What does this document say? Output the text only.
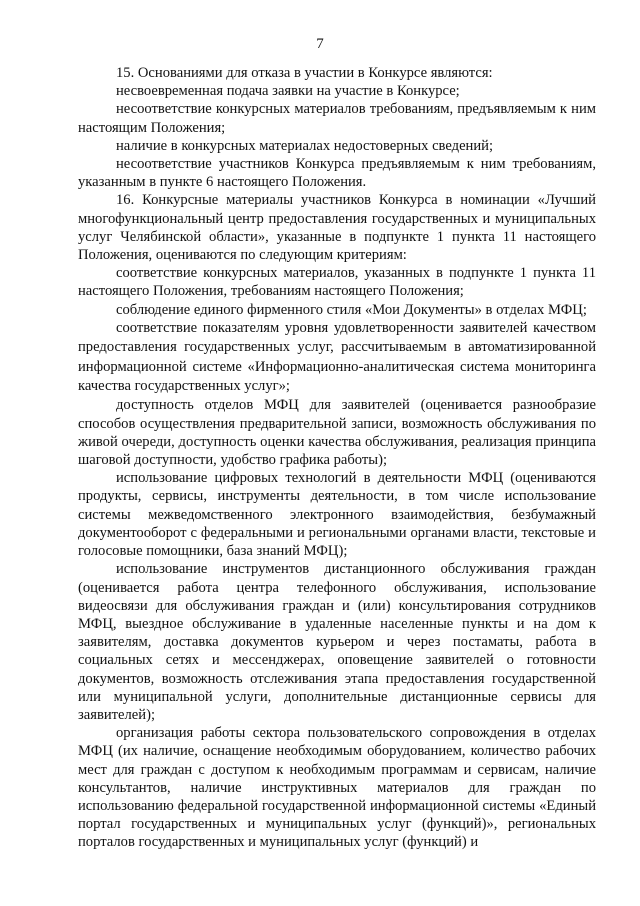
7

15. Основаниями для отказа в участии в Конкурсе являются:

несвоевременная подача заявки на участие в Конкурсе;

несоответствие конкурсных материалов требованиям, предъявляемым к ним настоящим Положения;

наличие в конкурсных материалах недостоверных сведений;

несоответствие участников Конкурса предъявляемым к ним требованиям, указанным в пункте 6 настоящего Положения.

16. Конкурсные материалы участников Конкурса в номинации «Лучший многофункциональный центр предоставления государственных и муниципальных услуг Челябинской области», указанные в подпункте 1 пункта 11 настоящего Положения, оцениваются по следующим критериям:

соответствие конкурсных материалов, указанных в подпункте 1 пункта 11 настоящего Положения, требованиям настоящего Положения;

соблюдение единого фирменного стиля «Мои Документы» в отделах МФЦ;

соответствие показателям уровня удовлетворенности заявителей качеством предоставления государственных услуг, рассчитываемым в автоматизированной информационной системе «Информационно-аналитическая система мониторинга качества государственных услуг»;

доступность отделов МФЦ для заявителей (оценивается разнообразие способов осуществления предварительной записи, возможность обслуживания по живой очереди, доступность оценки качества обслуживания, реализация принципа шаговой доступности, удобство графика работы);

использование цифровых технологий в деятельности МФЦ (оцениваются продукты, сервисы, инструменты деятельности, в том числе использование системы межведомственного электронного взаимодействия, безбумажный документооборот с федеральными и региональными органами власти, текстовые и голосовые помощники, база знаний МФЦ);

использование инструментов дистанционного обслуживания граждан (оценивается работа центра телефонного обслуживания, использование видеосвязи для обслуживания граждан и (или) консультирования сотрудников МФЦ, выездное обслуживание в удаленные населенные пункты и на дом к заявителям, доставка документов курьером и через постаматы, работа в социальных сетях и мессенджерах, оповещение заявителей о готовности документов, возможность отслеживания этапа предоставления государственной или муниципальной услуги, дополнительные дистанционные сервисы для заявителей);

организация работы сектора пользовательского сопровождения в отделах МФЦ (их наличие, оснащение необходимым оборудованием, количество рабочих мест для граждан с доступом к необходимым программам и сервисам, наличие консультантов, наличие инструктивных материалов для граждан по использованию федеральной государственной информационной системы «Единый портал государственных и муниципальных услуг (функций)», региональных порталов государственных и муниципальных услуг (функций) и
